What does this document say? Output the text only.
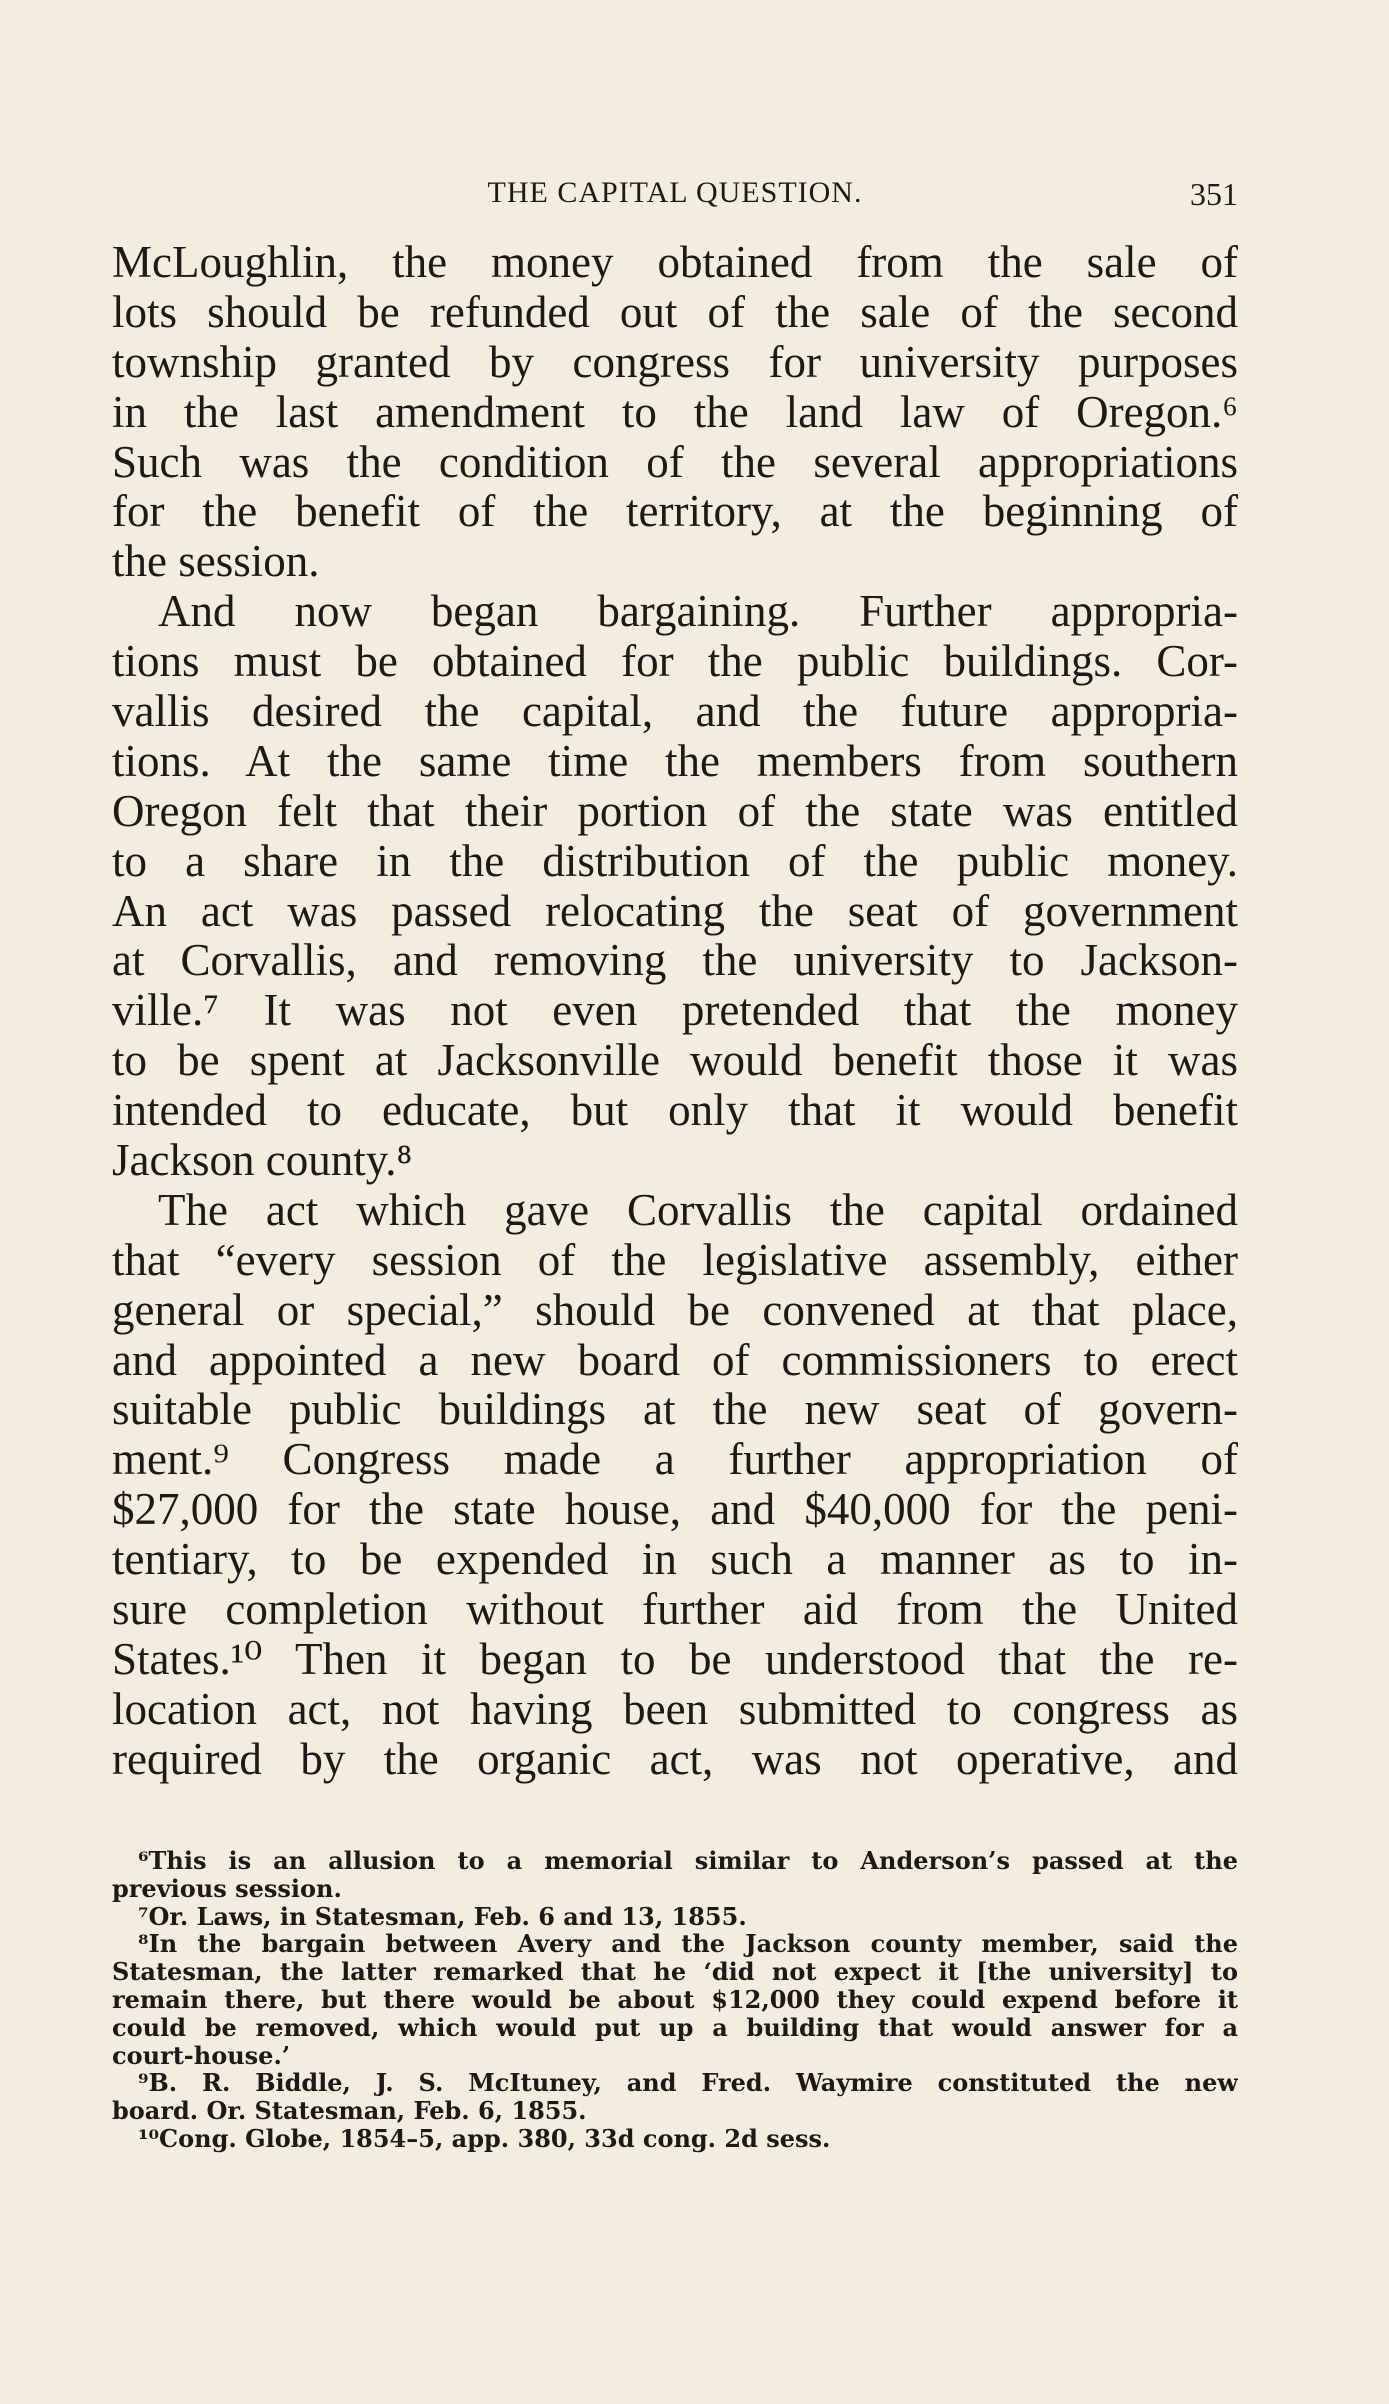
THE CAPITAL QUESTION.	351
McLoughlin, the money obtained from the sale of
lots should be refunded out of the sale of the second
township granted by congress for university purposes
in the last amendment to the land law of Oregon.⁶
Such was the condition of the several appropriations
for the benefit of the territory, at the beginning of
the session.
And now began bargaining. Further appropria-
tions must be obtained for the public buildings. Cor-
vallis desired the capital, and the future appropria-
tions. At the same time the members from southern
Oregon felt that their portion of the state was entitled
to a share in the distribution of the public money.
An act was passed relocating the seat of government
at Corvallis, and removing the university to Jackson-
ville.⁷ It was not even pretended that the money
to be spent at Jacksonville would benefit those it was
intended to educate, but only that it would benefit
Jackson county.⁸
The act which gave Corvallis the capital ordained
that “every session of the legislative assembly, either
general or special,” should be convened at that place,
and appointed a new board of commissioners to erect
suitable public buildings at the new seat of govern-
ment.⁹ Congress made a further appropriation of
$27,000 for the state house, and $40,000 for the peni-
tentiary, to be expended in such a manner as to in-
sure completion without further aid from the United
States.¹⁰ Then it began to be understood that the re-
location act, not having been submitted to congress as
required by the organic act, was not operative, and
⁶This is an allusion to a memorial similar to Anderson’s passed at the
previous session.
⁷Or. Laws, in Statesman, Feb. 6 and 13, 1855.
⁸In the bargain between Avery and the Jackson county member, said the
Statesman, the latter remarked that he ‘did not expect it [the university] to
remain there, but there would be about $12,000 they could expend before it
could be removed, which would put up a building that would answer for a
court-house.’
⁹B. R. Biddle, J. S. McItuney, and Fred. Waymire constituted the new
board. Or. Statesman, Feb. 6, 1855.
¹⁰Cong. Globe, 1854–5, app. 380, 33d cong. 2d sess.
